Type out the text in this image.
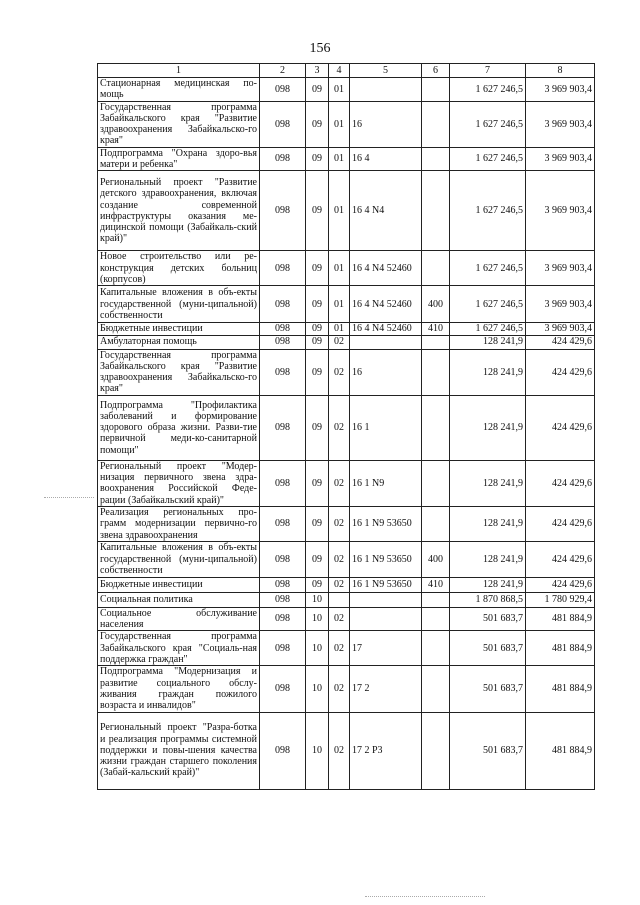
156
1	2	3	4	5	6	7	8
Стационарная медицинская по-мощь	098	09	01			1 627 246,5	3 969 903,4
Государственная программа Забайкальского края "Развитие здравоохранения Забайкальско-го края"	098	09	01	16		1 627 246,5	3 969 903,4
Подпрограмма "Охрана здоро-вья матери и ребенка"	098	09	01	16 4		1 627 246,5	3 969 903,4
Региональный проект "Развитие детского здравоохранения, включая создание современной инфраструктуры оказания ме-дицинской помощи (Забайкаль-ский край)"	098	09	01	16 4 N4		1 627 246,5	3 969 903,4
Новое строительство или ре-конструкция детских больниц (корпусов)	098	09	01	16 4 N4 52460		1 627 246,5	3 969 903,4
Капитальные вложения в объ-екты государственной (муни-ципальной) собственности	098	09	01	16 4 N4 52460	400	1 627 246,5	3 969 903,4
Бюджетные инвестиции	098	09	01	16 4 N4 52460	410	1 627 246,5	3 969 903,4
Амбулаторная помощь	098	09	02			128 241,9	424 429,6
Государственная программа Забайкальского края "Развитие здравоохранения Забайкальско-го края"	098	09	02	16		128 241,9	424 429,6
Подпрограмма "Профилактика заболеваний и формирование здорового образа жизни. Разви-тие первичной меди-ко-санитарной помощи"	098	09	02	16 1		128 241,9	424 429,6
Региональный проект "Модер-низация первичного звена здра-воохранения Российской Феде-рации (Забайкальский край)"	098	09	02	16 1 N9		128 241,9	424 429,6
Реализация региональных про-грамм модернизации первично-го звена здравоохранения	098	09	02	16 1 N9 53650		128 241,9	424 429,6
Капитальные вложения в объ-екты государственной (муни-ципальной) собственности	098	09	02	16 1 N9 53650	400	128 241,9	424 429,6
Бюджетные инвестиции	098	09	02	16 1 N9 53650	410	128 241,9	424 429,6
Социальная политика	098	10				1 870 868,5	1 780 929,4
Социальное обслуживание населения	098	10	02			501 683,7	481 884,9
Государственная программа Забайкальского края "Социаль-ная поддержка граждан"	098	10	02	17		501 683,7	481 884,9
Подпрограмма "Модернизация и развитие социального обслу-живания граждан пожилого возраста и инвалидов"	098	10	02	17 2		501 683,7	481 884,9
Региональный проект "Разра-ботка и реализация программы системной поддержки и повы-шения качества жизни граждан старшего поколения (Забай-кальский край)"	098	10	02	17 2 P3		501 683,7	481 884,9
